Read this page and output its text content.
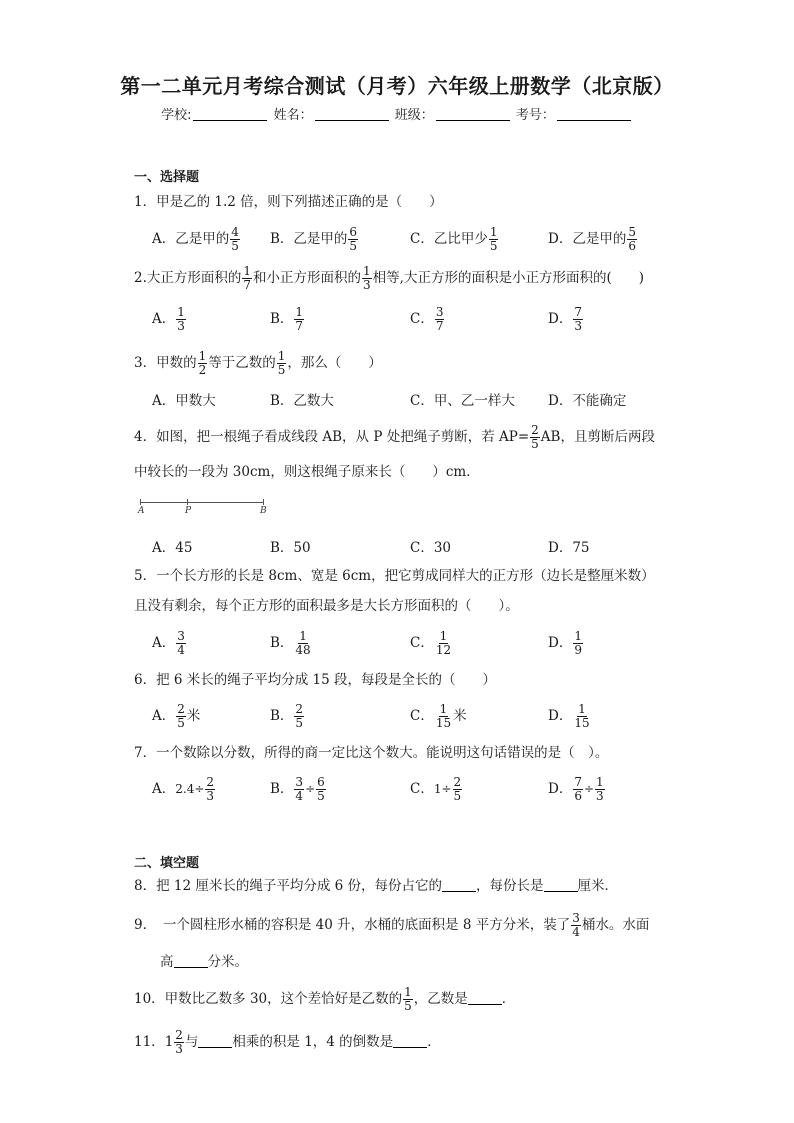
第一二单元月考综合测试（月考）六年级上册数学（北京版）
学校:	姓名：	班级：	考号：
一、选择题
1．甲是乙的 1.2 倍，则下列描述正确的是（　　）
A．乙是甲的 $\frac{4}{5}$ B．乙是甲的 $\frac{6}{5}$	C．乙比甲少 $\frac{1}{5}$	D．乙是甲的 $\frac{5}{6}$
2.大正方形面积的 $\frac{1}{7}$ 和小正方形面积的 $\frac{1}{3}$ 相等,大正方形的面积是小正方形面积的(　　)
A． $\frac{1}{3}$	B． $\frac{1}{7}$	C． $\frac{3}{7}$	D． $\frac{7}{3}$
3．甲数的 $\frac{1}{2}$ 等于乙数的 $\frac{1}{5}$ ，那么（　　）
A．甲数大	B．乙数大	C．甲、乙一样大 D．不能确定
4．如图，把一根绳子看成线段 AB，从 P 处把绳子剪断，若 $AP= \frac{2}{5}$ AB，且剪断后两段
中较长的一段为 30cm，则这根绳子原来长（　　）cm．
A	P	B
A．45	B．50	C．30	D．75
5．一个长方形的长是 8cm、宽是 6cm，把它剪成同样大的正方形（边长是整厘米数）
且没有剩余，每个正方形的面积最多是大长方形面积的（　　）。
A． $\frac{3}{4}$	B． $\frac{1}{48}$	C． $\frac{1}{12}$	D． $\frac{1}{9}$
6．把 6 米长的绳子平均分成 15 段，每段是全长的（　　）
A． $\frac{2}{5}$ 米	B． $\frac{2}{5}$	C． $\frac{1}{15}$ 米	D． $\frac{1}{15}$
7．一个数除以分数，所得的商一定比这个数大。能说明这句话错误的是（　）。
A．$2.4\div \frac{2}{3}$	B． $\frac{3}{4} \div \frac{6}{5}$	C．$1\div \frac{2}{5}$	D． $\frac{7}{6} \div \frac{1}{3}$
二、填空题
8．把 12 厘米长的绳子平均分成 6 份，每份占它的	，每份长是	厘米．
9．　一个圆柱形水桶的容积是 40 升，水桶的底面积是 8 平方分米，装了 $\frac{3}{4}$ 桶水。水面
高	分米。
10．甲数比乙数多 30，这个差恰好是乙数的 $\frac{1}{5}$ ，乙数是	．
11．$1 \frac{2}{3}$ 与	相乘的积是 1，4 的倒数是	．
